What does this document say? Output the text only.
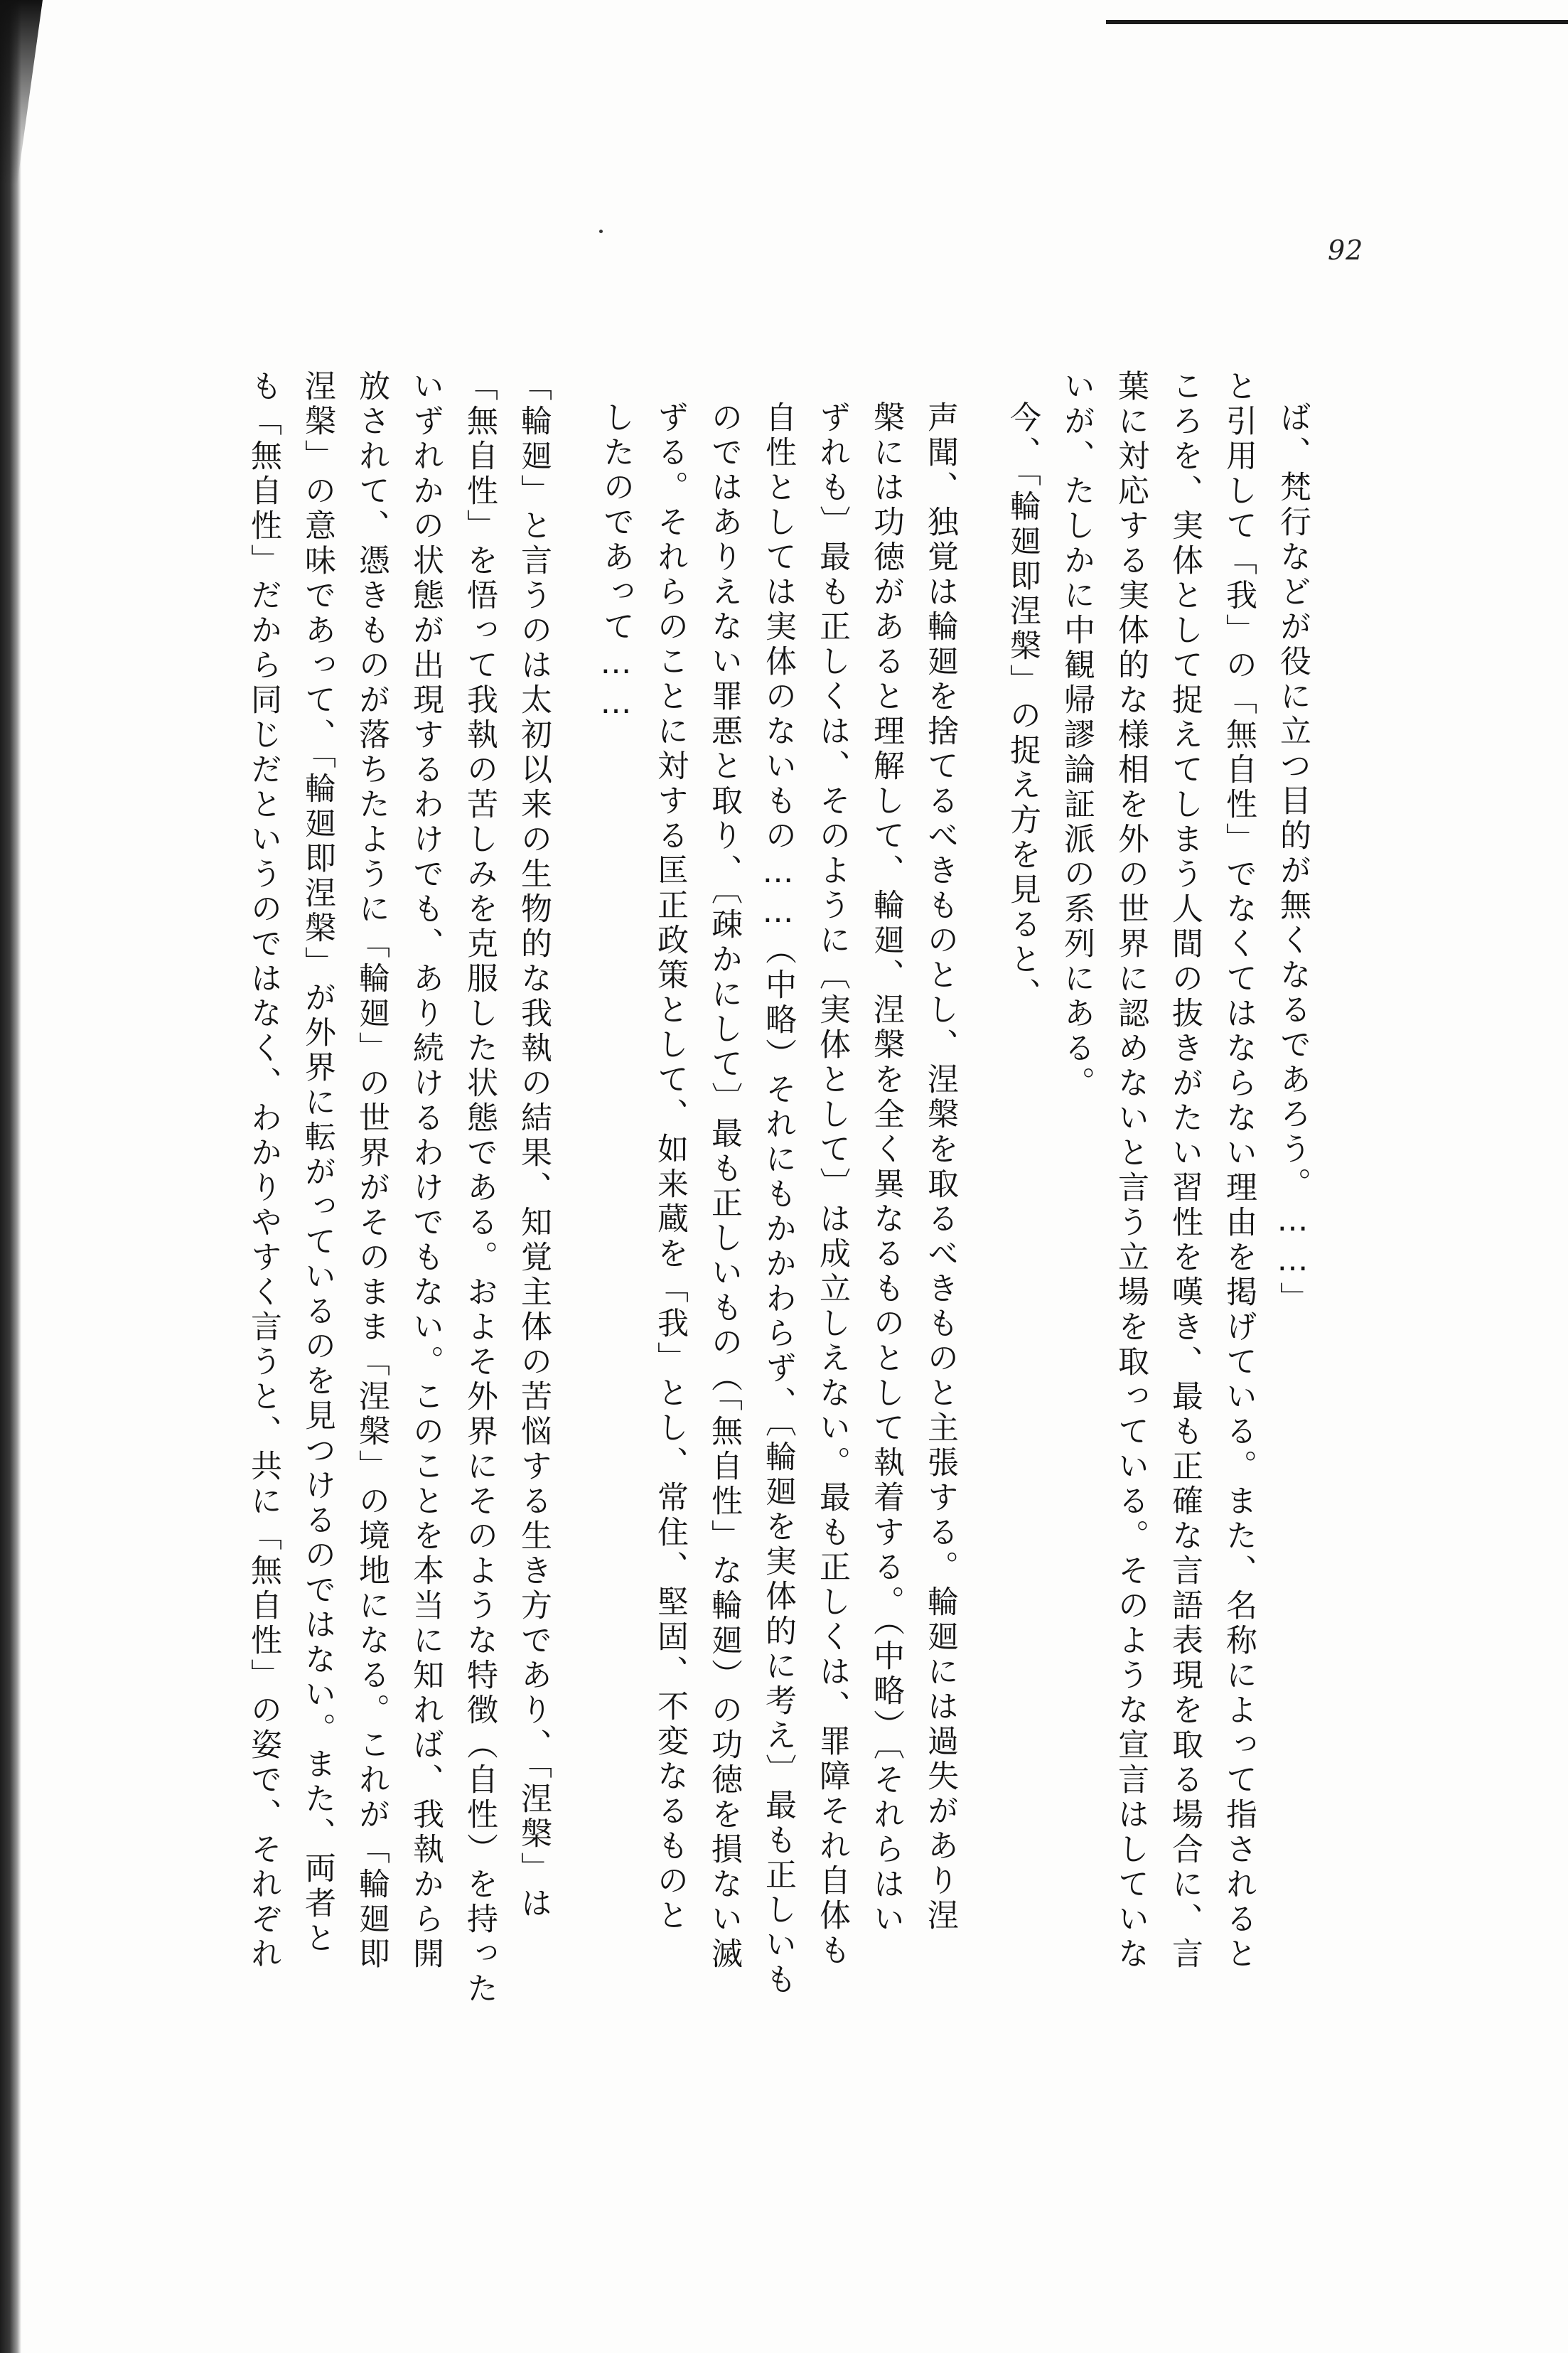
92

ば、梵行などが役に立つ目的が無くなるであろう。……」

と引用して「我」の「無自性」でなくてはならない理由を掲げている。また、名称によって指されると

ころを、実体として捉えてしまう人間の抜きがたい習性を嘆き、最も正確な言語表現を取る場合に、言

葉に対応する実体的な様相を外の世界に認めないと言う立場を取っている。そのような宣言はしていな

いが、たしかに中観帰謬論証派の系列にある。

今、「輪廻即涅槃」の捉え方を見ると、

声聞、独覚は輪廻を捨てるべきものとし、涅槃を取るべきものと主張する。輪廻には過失があり涅

槃には功徳があると理解して、輪廻、涅槃を全く異なるものとして執着する。（中略）〔それらはい

ずれも〕最も正しくは、そのように〔実体として〕は成立しえない。最も正しくは、罪障それ自体も

自性としては実体のないもの……（中略）それにもかかわらず、〔輪廻を実体的に考え〕最も正しいも

のではありえない罪悪と取り、〔疎かにして〕最も正しいもの（「無自性」な輪廻）の功徳を損ない滅

ずる。それらのことに対する匡正政策として、如来蔵を「我」とし、常住、堅固、不変なるものと

したのであって……

「輪廻」と言うのは太初以来の生物的な我執の結果、知覚主体の苦悩する生き方であり、「涅槃」は

「無自性」を悟って我執の苦しみを克服した状態である。およそ外界にそのような特徴（自性）を持った

いずれかの状態が出現するわけでも、あり続けるわけでもない。このことを本当に知れば、我執から開

放されて、憑きものが落ちたように「輪廻」の世界がそのまま「涅槃」の境地になる。これが「輪廻即

涅槃」の意味であって、「輪廻即涅槃」が外界に転がっているのを見つけるのではない。また、両者と

も「無自性」だから同じだというのではなく、わかりやすく言うと、共に「無自性」の姿で、それぞれ
